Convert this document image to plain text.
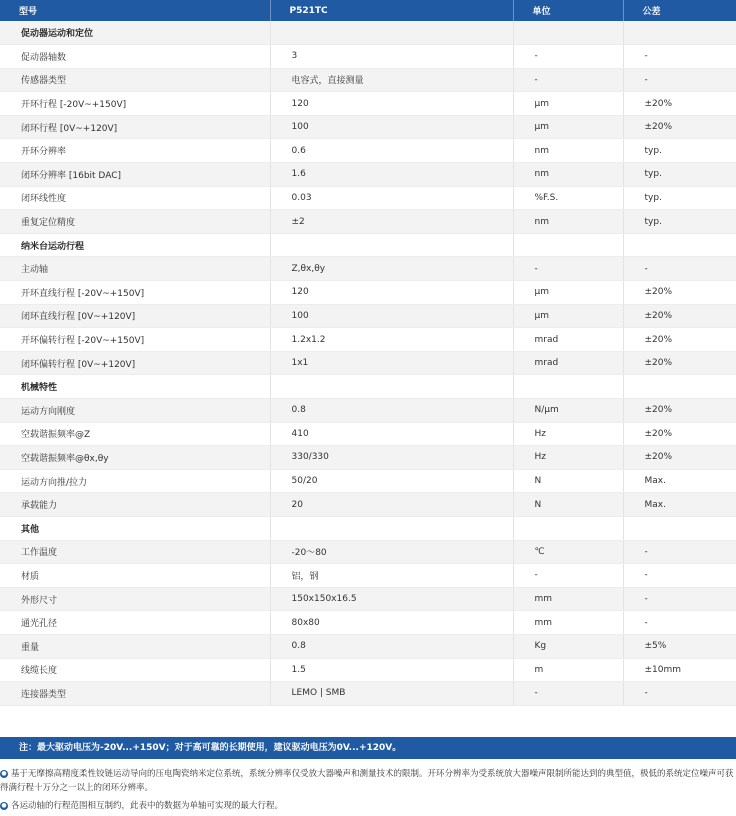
型号	P521TC	单位	公差
促动器运动和定位			
促动器轴数	3	-	-
传感器类型	电容式，直接测量	-	-
开环行程 [-20V~+150V]	120	μm	±20%
闭环行程 [0V~+120V]	100	μm	±20%
开环分辨率	0.6	nm	typ.
闭环分辨率 [16bit DAC]	1.6	nm	typ.
闭环线性度	0.03	%F.S.	typ.
重复定位精度	±2	nm	typ.
纳米台运动行程			
主动轴	Z,θx,θy	-	-
开环直线行程 [-20V~+150V]	120	μm	±20%
闭环直线行程 [0V~+120V]	100	μm	±20%
开环偏转行程 [-20V~+150V]	1.2x1.2	mrad	±20%
闭环偏转行程 [0V~+120V]	1x1	mrad	±20%
机械特性			
运动方向刚度	0.8	N/μm	±20%
空载谐振频率@Z	410	Hz	±20%
空载谐振频率@θx,θy	330/330	Hz	±20%
运动方向推/拉力	50/20	N	Max.
承载能力	20	N	Max.
其他			
工作温度	-20～80	℃	-
材质	铝，钢	-	-
外形尺寸	150x150x16.5	mm	-
通光孔径	80x80	mm	-
重量	0.8	Kg	±5%
线缆长度	1.5	m	±10mm
连接器类型	LEMO | SMB	-	-
注：最大驱动电压为-20V...+150V；对于高可靠的长期使用，建议驱动电压为0V...+120V。
● 基于无摩擦高精度柔性铰链运动导向的压电陶瓷纳米定位系统，系统分辨率仅受放大器噪声和测量技术的限制。开环分辨率为受系统放大器噪声限制所能达到的典型值，极低的系统定位噪声可获得满行程十万分之一以上的闭环分辨率。
● 各运动轴的行程范围相互制约，此表中的数据为单轴可实现的最大行程。
